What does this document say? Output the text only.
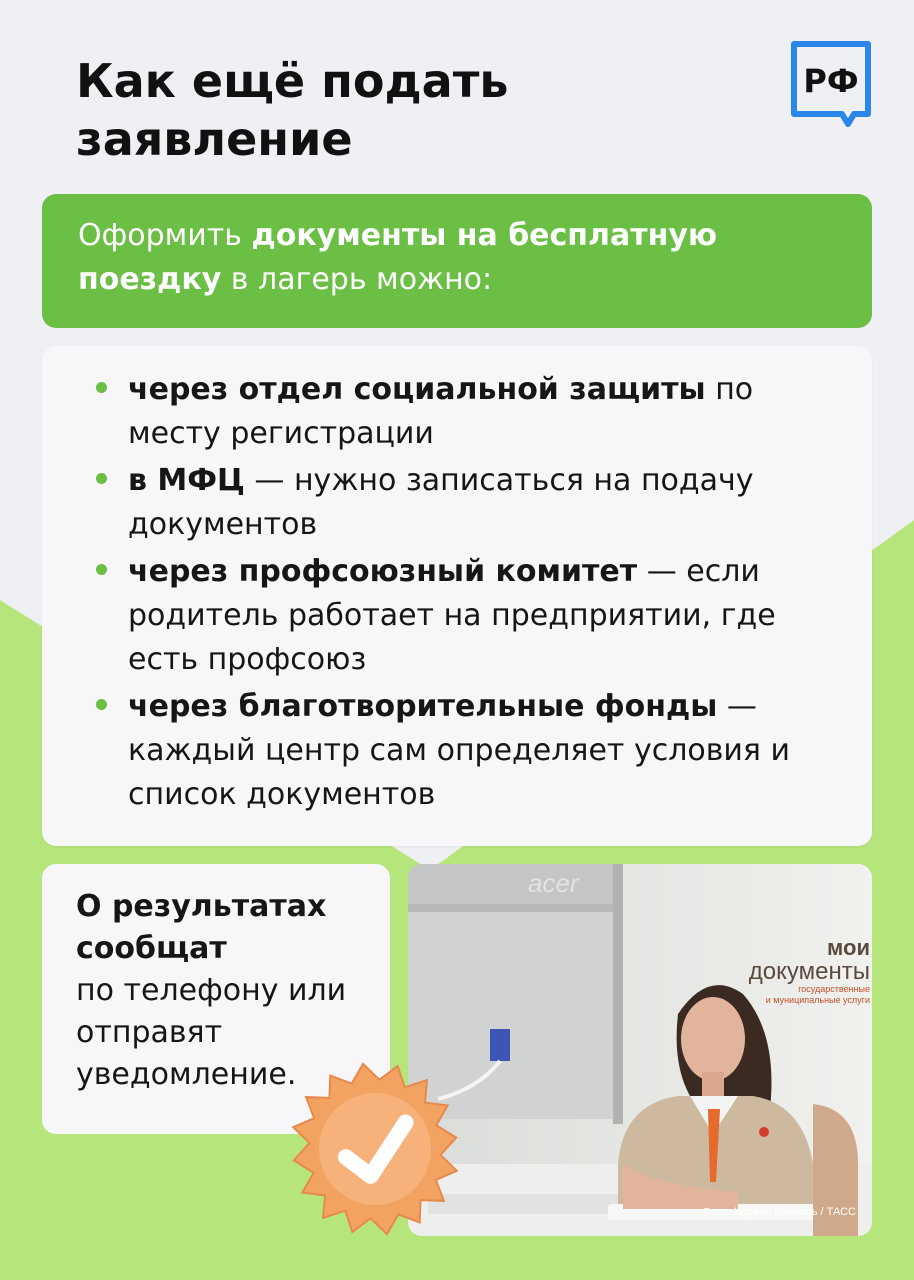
Как ещё подать
заявление
РФ
Оформить документы на бесплатную поездку в лагерь можно:
через отдел социальной защиты по месту регистрации
в МФЦ — нужно записаться на подачу документов
через профсоюзный комитет — если родитель работает на предприятии, где есть профсоюз
через благотворительные фонды — каждый центр сам определяет условия и список документов
О результатах сообщат
по телефону или отправят уведомление.
acer
мои
документы
государственные
и муниципальные услуги
Фото: Кирилл Кухмарь / ТАСС
